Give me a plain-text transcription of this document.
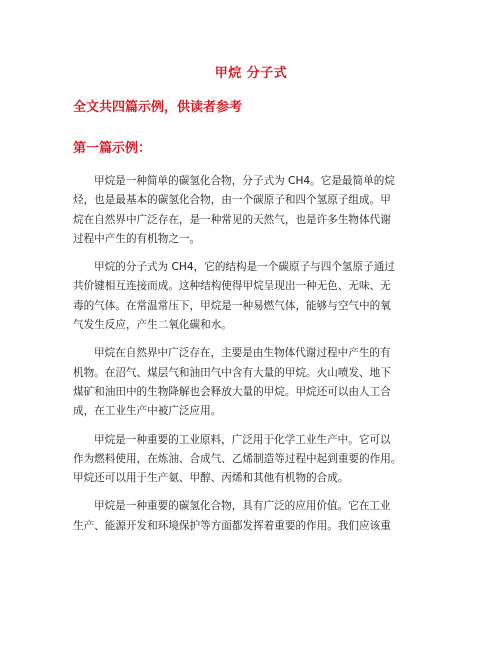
甲烷 分子式
全文共四篇示例，供读者参考
第一篇示例：
甲烷是一种简单的碳氢化合物，分子式为 CH4。它是最简单的烷
烃，也是最基本的碳氢化合物，由一个碳原子和四个氢原子组成。甲
烷在自然界中广泛存在，是一种常见的天然气，也是许多生物体代谢
过程中产生的有机物之一。
甲烷的分子式为 CH4，它的结构是一个碳原子与四个氢原子通过
共价键相互连接而成。这种结构使得甲烷呈现出一种无色、无味、无
毒的气体。在常温常压下，甲烷是一种易燃气体，能够与空气中的氧
气发生反应，产生二氧化碳和水。
甲烷在自然界中广泛存在，主要是由生物体代谢过程中产生的有
机物。在沼气、煤层气和油田气中含有大量的甲烷。火山喷发、地下
煤矿和油田中的生物降解也会释放大量的甲烷。甲烷还可以由人工合
成，在工业生产中被广泛应用。
甲烷是一种重要的工业原料，广泛用于化学工业生产中。它可以
作为燃料使用，在炼油、合成气、乙烯制造等过程中起到重要的作用。
甲烷还可以用于生产氨、甲醇、丙烯和其他有机物的合成。
甲烷是一种重要的碳氢化合物，具有广泛的应用价值。它在工业
生产、能源开发和环境保护等方面都发挥着重要的作用。我们应该重
